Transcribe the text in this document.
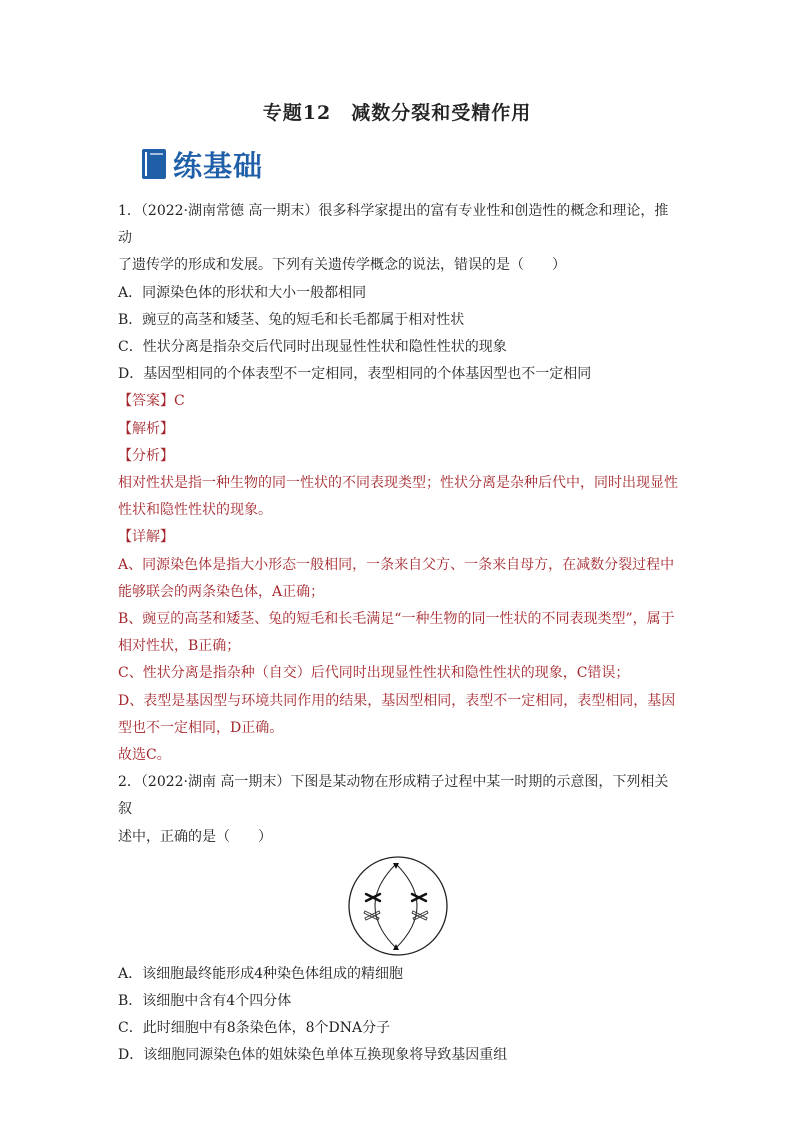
专题12　减数分裂和受精作用
练基础

1．（2022·湖南常德 高一期末）很多科学家提出的富有专业性和创造性的概念和理论，推动

了遗传学的形成和发展。下列有关遗传学概念的说法，错误的是（　　）

A．同源染色体的形状和大小一般都相同

B．豌豆的高茎和矮茎、兔的短毛和长毛都属于相对性状

C．性状分离是指杂交后代同时出现显性性状和隐性性状的现象

D．基因型相同的个体表型不一定相同，表型相同的个体基因型也不一定相同

【答案】C

【解析】

【分析】

相对性状是指一种生物的同一性状的不同表现类型；性状分离是杂种后代中，同时出现显性

性状和隐性性状的现象。

【详解】

A、同源染色体是指大小形态一般相同，一条来自父方、一条来自母方，在减数分裂过程中

能够联会的两条染色体，A正确；

B、豌豆的高茎和矮茎、兔的短毛和长毛满足“一种生物的同一性状的不同表现类型”，属于

相对性状，B正确；

C、性状分离是指杂种（自交）后代同时出现显性性状和隐性性状的现象，C错误；

D、表型是基因型与环境共同作用的结果，基因型相同，表型不一定相同，表型相同，基因

型也不一定相同，D正确。

故选C。

2．（2022·湖南 高一期末）下图是某动物在形成精子过程中某一时期的示意图，下列相关叙

述中，正确的是（　　）

A．该细胞最终能形成4种染色体组成的精细胞

B．该细胞中含有4个四分体

C．此时细胞中有8条染色体，8个DNA分子

D．该细胞同源染色体的姐妹染色单体互换现象将导致基因重组
